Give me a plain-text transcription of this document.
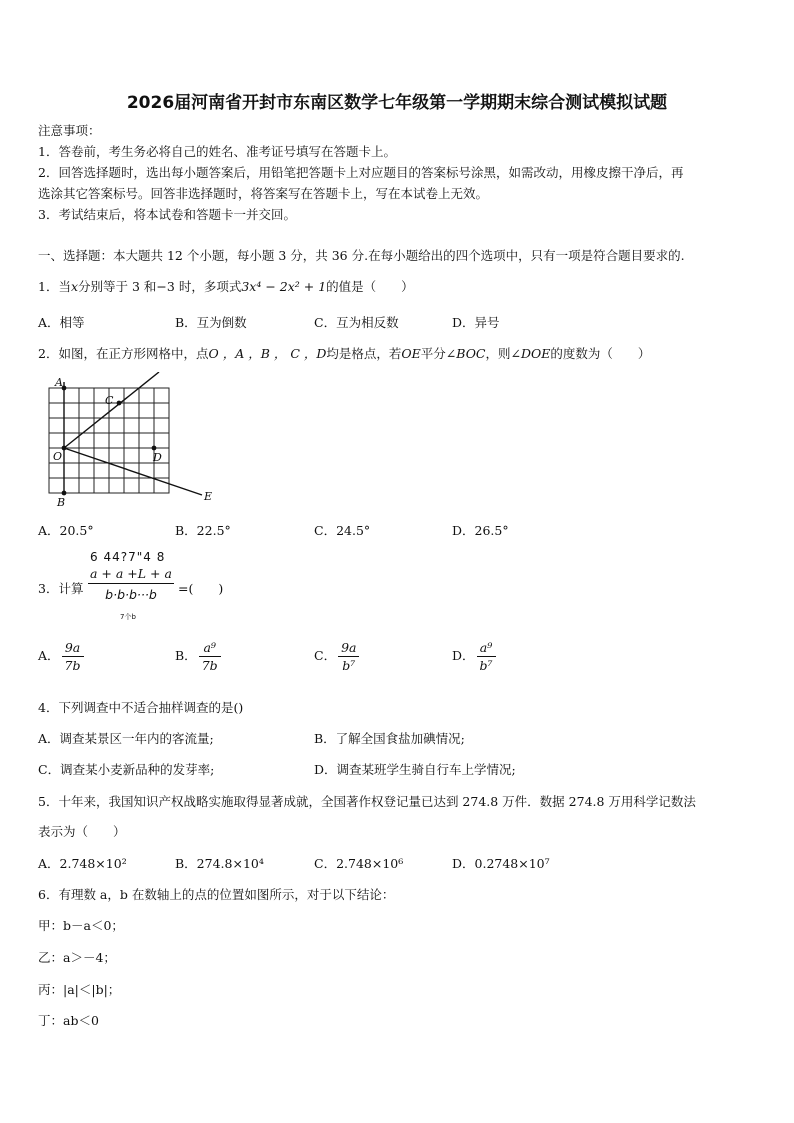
2026届河南省开封市东南区数学七年级第一学期期末综合测试模拟试题
注意事项：
1．答卷前，考生务必将自己的姓名、准考证号填写在答题卡上。
2．回答选择题时，选出每小题答案后，用铅笔把答题卡上对应题目的答案标号涂黑，如需改动，用橡皮擦干净后，再
选涂其它答案标号。回答非选择题时，将答案写在答题卡上，写在本试卷上无效。
3．考试结束后，将本试卷和答题卡一并交回。
一、选择题：本大题共 12 个小题，每小题 3 分，共 36 分.在每小题给出的四个选项中，只有一项是符合题目要求的.
1．当x分别等于 3 和−3 时，多项式3x⁴ − 2x² + 1的值是（　　）
A．相等	B．互为倒数	C．互为相反数	D．异号
2．如图，在正方形网格中，点O ，A ，B ， C ，D均是格点，若OE平分∠BOC，则∠DOE的度数为（　　）
A
B
C
O	D
E
A．20.5°	B．22.5°	C．24.5°	D．26.5°
6 44?7"4 8
3．计算 $\frac{a + a +L + a}{b\cdot b\cdot b\cdot\cdot\cdot b}$
7个b
=(　　)
A． $\frac{9a}{7b}$	B． $\frac{\text{a⁹}}{7b}$	C． $\frac{9a}{\text{b⁷}}$	D． $\frac{\text{a⁹}}{\text{b⁷}}$
4．下列调查中不适合抽样调查的是()
A．调查某景区一年内的客流量;	B．了解全国食盐加碘情况;
C．调查某小麦新品种的发芽率;	D．调查某班学生骑自行车上学情况;
5．十年来，我国知识产权战略实施取得显著成就，全国著作权登记量已达到 274.8 万件．数据 274.8 万用科学记数法
表示为（　　）
A．2.748×10²	B．274.8×10⁴	C．2.748×10⁶	D．0.2748×10⁷
6．有理数 a，b 在数轴上的点的位置如图所示，对于以下结论：
甲：b－a＜0；
乙：a＞－4；
丙：|a|＜|b|；
丁：ab＜0
